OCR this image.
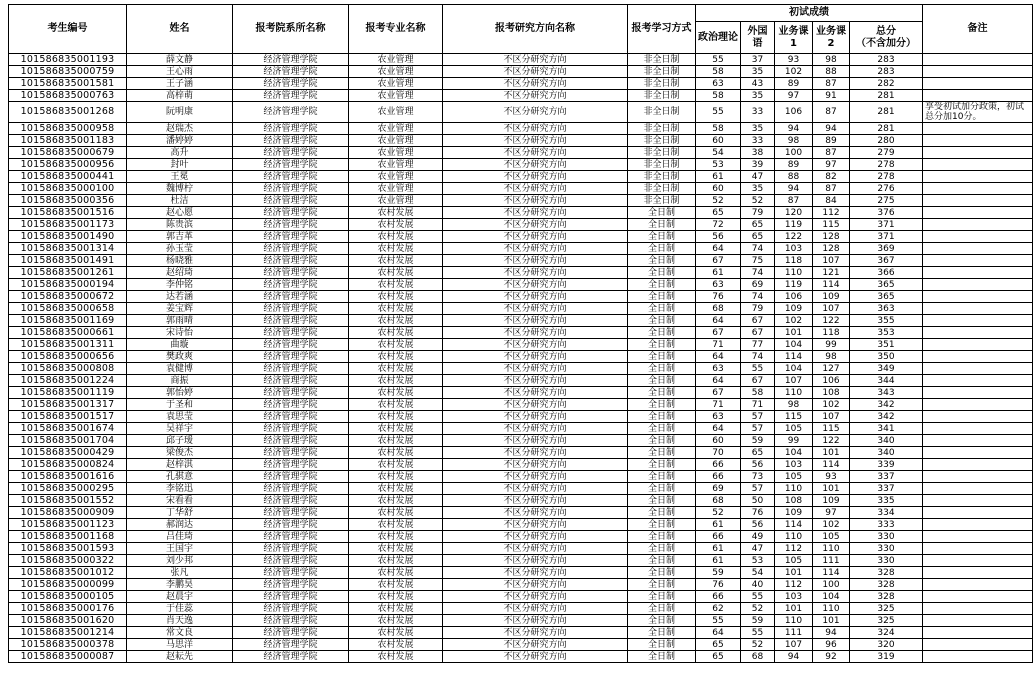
考生编号	姓名	报考院系所名称	报考专业名称	报考研究方向名称	报考学习方式	初试成绩					备注
						政治理论	外国语	业务课1	业务课2	总分
（不含加分）	

101586835001193	薛文静	经济管理学院	农业管理	不区分研究方向	非全日制	55	37	93	98	283	
101586835000759	王心雨	经济管理学院	农业管理	不区分研究方向	非全日制	58	35	102	88	283	
101586835001581	王子涵	经济管理学院	农业管理	不区分研究方向	非全日制	63	43	89	87	282	
101586835000763	高梓萌	经济管理学院	农业管理	不区分研究方向	非全日制	58	35	97	91	281	
101586835001268	阮明康	经济管理学院	农业管理	不区分研究方向	非全日制	55	33	106	87	281	享受初试加分政策，初试总分加10分。
101586835000958	赵瑞杰	经济管理学院	农业管理	不区分研究方向	非全日制	58	35	94	94	281	
101586835001183	潘婷婷	经济管理学院	农业管理	不区分研究方向	非全日制	60	33	98	89	280	
101586835000679	高升	经济管理学院	农业管理	不区分研究方向	非全日制	54	38	100	87	279	
101586835000956	封叶	经济管理学院	农业管理	不区分研究方向	非全日制	53	39	89	97	278	
101586835000441	王冕	经济管理学院	农业管理	不区分研究方向	非全日制	61	47	88	82	278	
101586835000100	魏博柠	经济管理学院	农业管理	不区分研究方向	非全日制	60	35	94	87	276	
101586835000356	杜洁	经济管理学院	农业管理	不区分研究方向	非全日制	52	52	87	84	275	
101586835001516	赵心愿	经济管理学院	农村发展	不区分研究方向	全日制	65	79	120	112	376	
101586835001173	陈贵滨	经济管理学院	农村发展	不区分研究方向	全日制	72	65	119	115	371	
101586835001490	郭吉革	经济管理学院	农村发展	不区分研究方向	全日制	56	65	122	128	371	
101586835001314	孙玉莹	经济管理学院	农村发展	不区分研究方向	全日制	64	74	103	128	369	
101586835001491	杨晓雅	经济管理学院	农村发展	不区分研究方向	全日制	67	75	118	107	367	
101586835001261	赵绍琦	经济管理学院	农村发展	不区分研究方向	全日制	61	74	110	121	366	
101586835000194	李仲铭	经济管理学院	农村发展	不区分研究方向	全日制	63	69	119	114	365	
101586835000672	达若涵	经济管理学院	农村发展	不区分研究方向	全日制	76	74	106	109	365	
101586835000658	姜宝辉	经济管理学院	农村发展	不区分研究方向	全日制	68	79	109	107	363	
101586835001169	郭雨晴	经济管理学院	农村发展	不区分研究方向	全日制	64	67	102	122	355	
101586835000661	宋诗怡	经济管理学院	农村发展	不区分研究方向	全日制	67	67	101	118	353	
101586835001311	曲璇	经济管理学院	农村发展	不区分研究方向	全日制	71	77	104	99	351	
101586835000656	樊政爽	经济管理学院	农村发展	不区分研究方向	全日制	64	74	114	98	350	
101586835000808	袁健博	经济管理学院	农村发展	不区分研究方向	全日制	63	55	104	127	349	
101586835001224	商振	经济管理学院	农村发展	不区分研究方向	全日制	64	67	107	106	344	
101586835001119	郭怡婷	经济管理学院	农村发展	不区分研究方向	全日制	67	58	110	108	343	
101586835001317	于圣和	经济管理学院	农村发展	不区分研究方向	全日制	71	71	98	102	342	
101586835001517	袁思莹	经济管理学院	农村发展	不区分研究方向	全日制	63	57	115	107	342	
101586835001674	吴祥宇	经济管理学院	农村发展	不区分研究方向	全日制	64	57	105	115	341	
101586835001704	邱子瑷	经济管理学院	农村发展	不区分研究方向	全日制	60	59	99	122	340	
101586835000429	梁俊杰	经济管理学院	农村发展	不区分研究方向	全日制	70	65	104	101	340	
101586835000824	赵梓淇	经济管理学院	农村发展	不区分研究方向	全日制	66	56	103	114	339	
101586835001616	孔骐意	经济管理学院	农村发展	不区分研究方向	全日制	66	73	105	93	337	
101586835000295	李铭迅	经济管理学院	农村发展	不区分研究方向	全日制	69	57	110	101	337	
101586835001552	宋看看	经济管理学院	农村发展	不区分研究方向	全日制	68	50	108	109	335	
101586835000909	丁华舒	经济管理学院	农村发展	不区分研究方向	全日制	52	76	109	97	334	
101586835001123	郝润达	经济管理学院	农村发展	不区分研究方向	全日制	61	56	114	102	333	
101586835001168	吕佳琦	经济管理学院	农村发展	不区分研究方向	全日制	66	49	110	105	330	
101586835001593	王国宇	经济管理学院	农村发展	不区分研究方向	全日制	61	47	112	110	330	
101586835000322	刘少邦	经济管理学院	农村发展	不区分研究方向	全日制	61	53	105	111	330	
101586835001012	张凡	经济管理学院	农村发展	不区分研究方向	全日制	59	54	101	114	328	
101586835000099	李鹏昊	经济管理学院	农村发展	不区分研究方向	全日制	76	40	112	100	328	
101586835000105	赵晨宇	经济管理学院	农村发展	不区分研究方向	全日制	66	55	103	104	328	
101586835000176	于佳蕊	经济管理学院	农村发展	不区分研究方向	全日制	62	52	101	110	325	
101586835001620	肖天逸	经济管理学院	农村发展	不区分研究方向	全日制	55	59	110	101	325	
101586835001214	常文良	经济管理学院	农村发展	不区分研究方向	全日制	64	55	111	94	324	
101586835000378	马思洋	经济管理学院	农村发展	不区分研究方向	全日制	65	52	107	96	320	
101586835000087	赵耘先	经济管理学院	农村发展	不区分研究方向	全日制	65	68	94	92	319	
